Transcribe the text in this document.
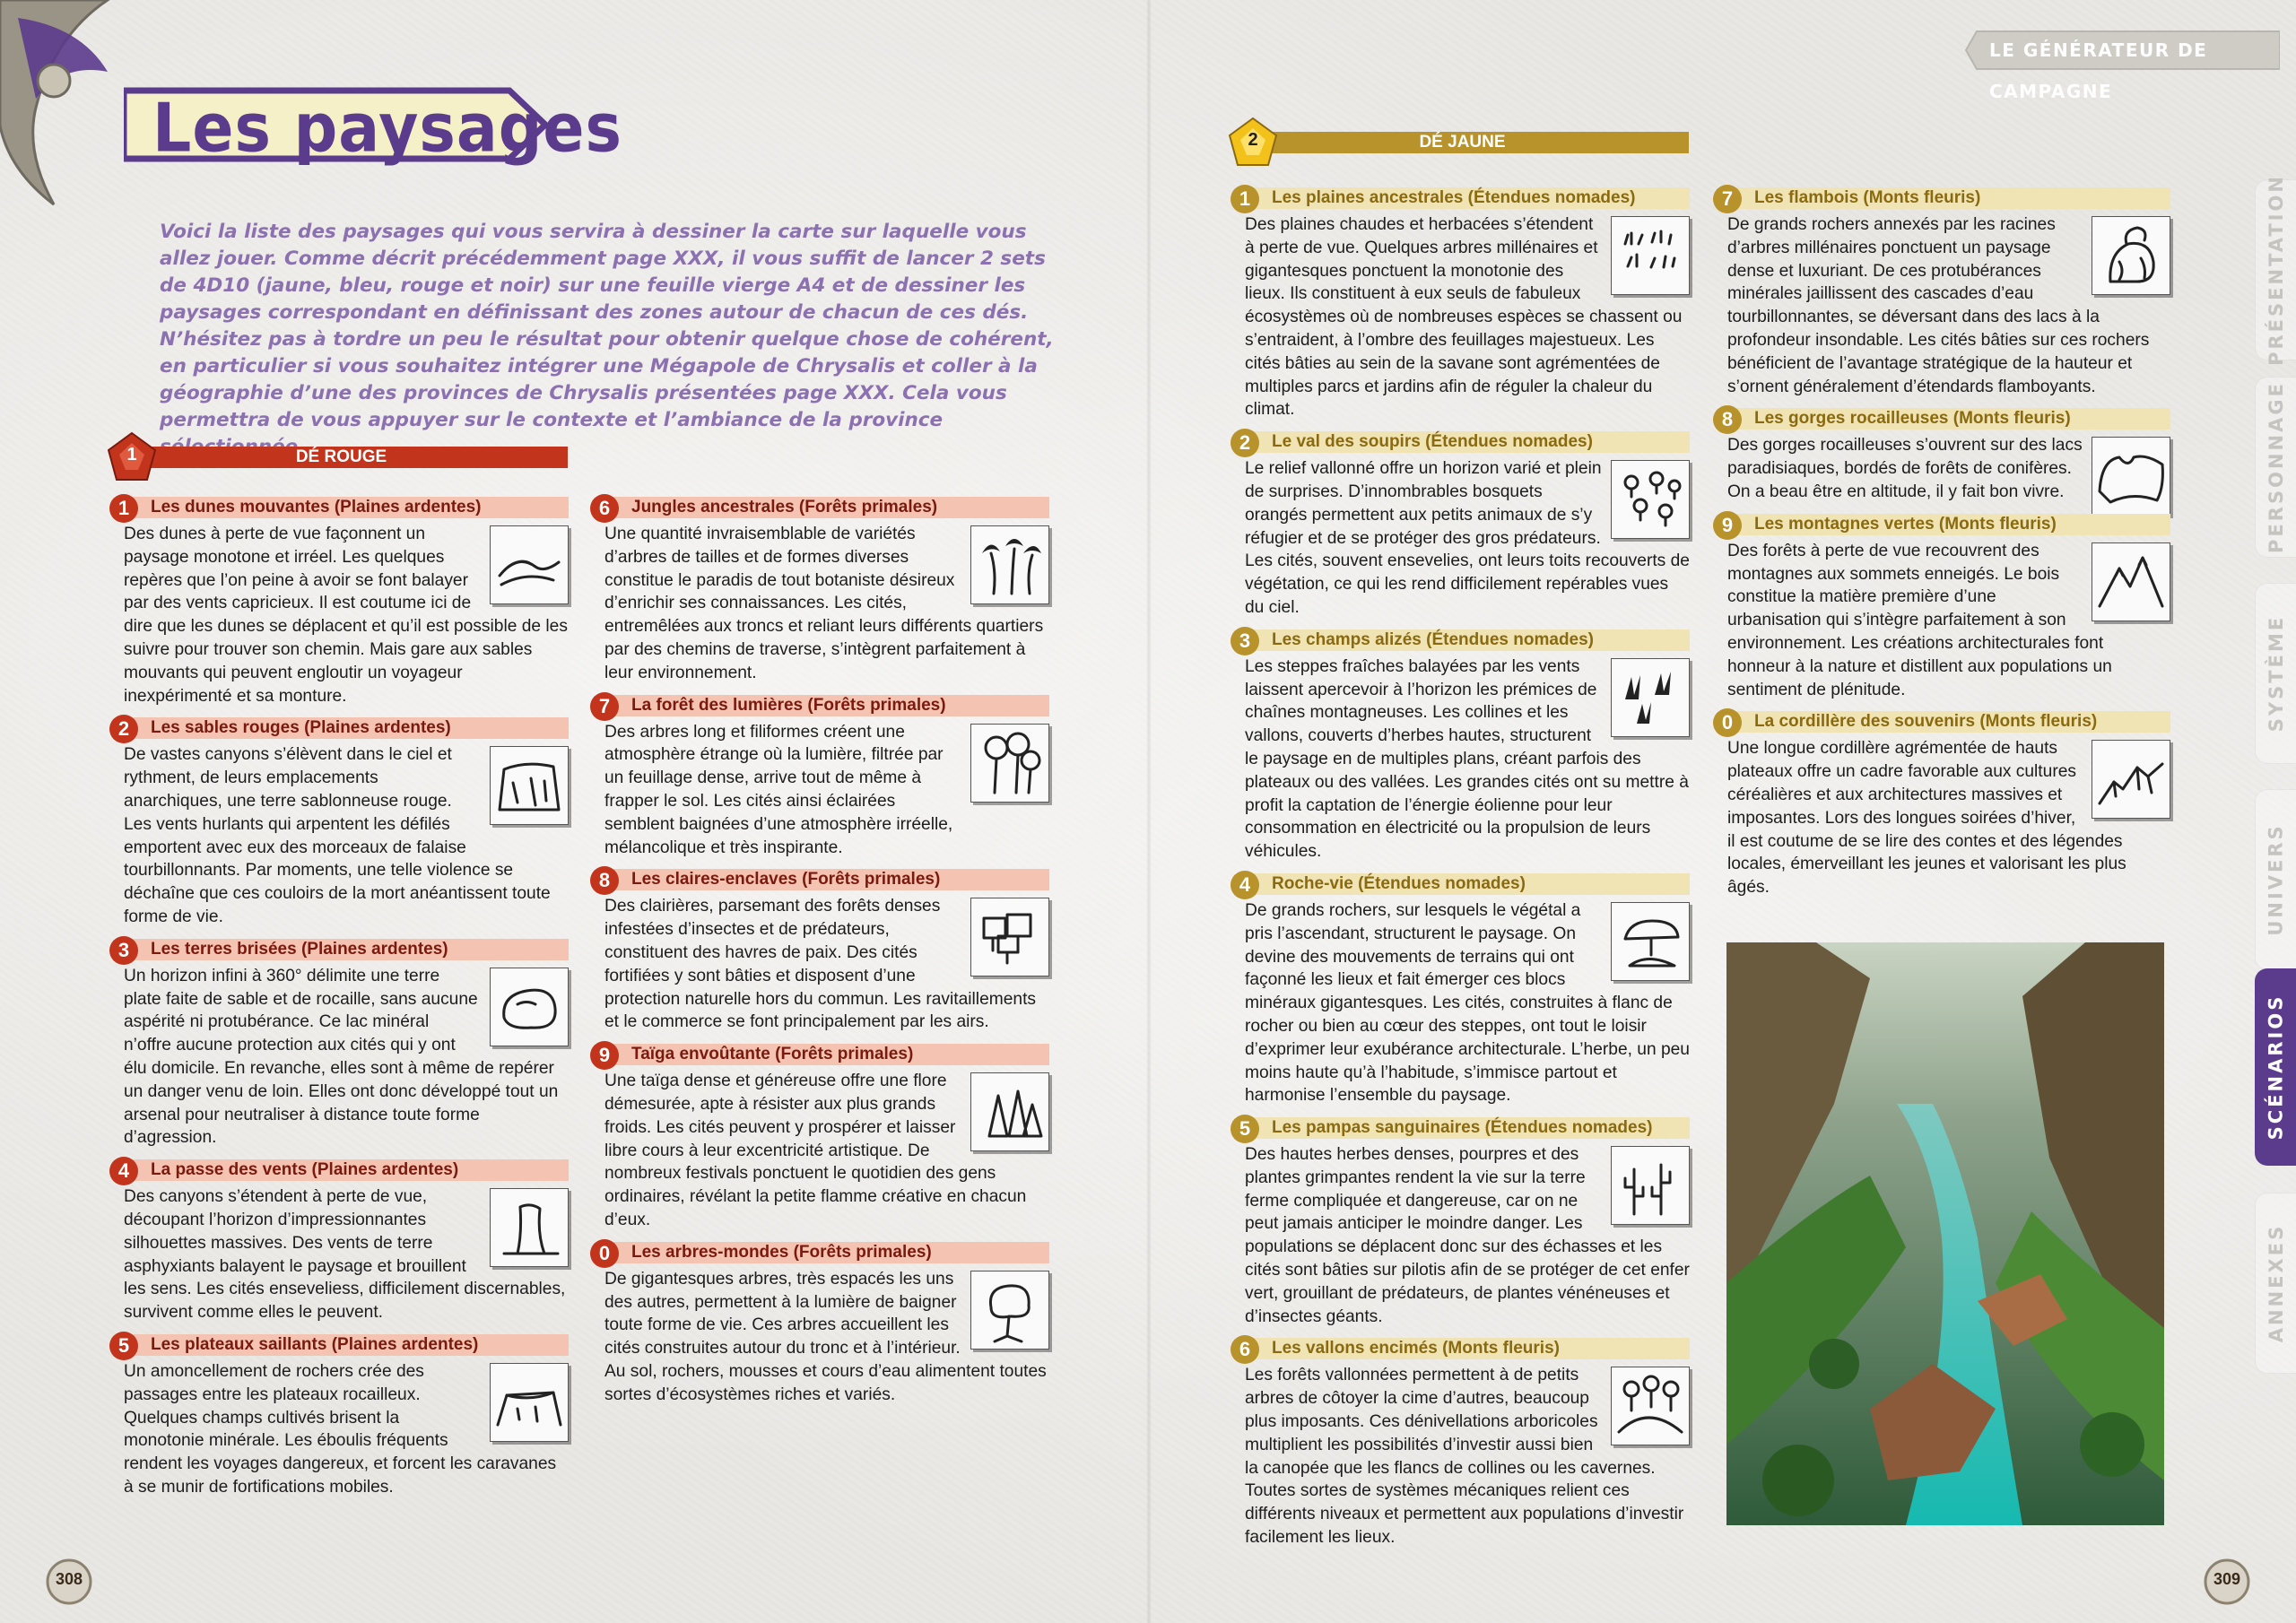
Les paysages

Voici la liste des paysages qui vous servira à dessiner la carte sur laquelle vous allez jouer. Comme décrit précédemment page XXX, il vous suffit de lancer 2 sets de 4D10 (jaune, bleu, rouge et noir) sur une feuille vierge A4 et de dessiner les paysages correspondant en définissant des zones autour de chacun de ces dés. N’hésitez pas à tordre un peu le résultat pour obtenir quelque chose de cohérent, en particulier si vous souhaitez intégrer une Mégapole de Chrysalis et coller à la géographie d’une des provinces de Chrysalis présentées page XXX. Cela vous permettra de vous appuyer sur le contexte et l’ambiance de la province

DÉ ROUGE
1
DÉ JAUNE
2
LE GÉNÉRATEUR DE CAMPAGNE
1	Les dunes mouvantes (Plaines ardentes)
Des dunes à perte de vue façonnent un paysage monotone et irréel. Les quelques repères que l’on peine à avoir se font balayer par des vents capricieux. Il est coutume ici de dire que les dunes se déplacent et qu’il est possible de les suivre pour trouver son chemin. Mais gare aux sables mouvants qui peuvent engloutir un voyageur inexpérimenté et sa monture.
2	Les sables rouges (Plaines ardentes)
De vastes canyons s’élèvent dans le ciel et rythment, de leurs emplacements anarchiques, une terre sablonneuse rouge. Les vents hurlants qui arpentent les défilés emportent avec eux des morceaux de falaise tourbillonnants. Par moments, une telle violence se déchaîne que ces couloirs de la mort anéantissent toute forme de vie.
3	Les terres brisées (Plaines ardentes)
Un horizon infini à 360° délimite une terre plate faite de sable et de rocaille, sans aucune aspérité ni protubérance. Ce lac minéral n’offre aucune protection aux cités qui y ont élu domicile. En revanche, elles sont à même de repérer un danger venu de loin. Elles ont donc développé tout un arsenal pour neutraliser à distance toute forme d’agression.
4	La passe des vents (Plaines ardentes)
Des canyons s’étendent à perte de vue, découpant l’horizon d’impressionnantes silhouettes massives. Des vents de terre asphyxiants balayent le paysage et brouillent les sens. Les cités enseveliess, difficilement discernables, survivent comme elles le peuvent.
5	Les plateaux saillants (Plaines ardentes)
Un amoncellement de rochers crée des passages entre les plateaux rocailleux. Quelques champs cultivés brisent la monotonie minérale. Les éboulis fréquents rendent les voyages dangereux, et forcent les caravanes à se munir de fortifications mobiles.
6	Jungles ancestrales (Forêts primales)
Une quantité invraisemblable de variétés d’arbres de tailles et de formes diverses constitue le paradis de tout botaniste désireux d’enrichir ses connaissances. Les cités, entremêlées aux troncs et reliant leurs différents quartiers par des chemins de traverse, s’intègrent parfaitement à leur environnement.
7	La forêt des lumières (Forêts primales)
Des arbres long et filiformes créent une atmosphère étrange où la lumière, filtrée par un feuillage dense, arrive tout de même à frapper le sol. Les cités ainsi éclairées semblent baignées d’une atmosphère irréelle, mélancolique et très inspirante.
8	Les claires-enclaves (Forêts primales)
Des clairières, parsemant des forêts denses infestées d’insectes et de prédateurs, constituent des havres de paix. Des cités fortifiées y sont bâties et disposent d’une protection naturelle hors du commun. Les ravitaillements et le commerce se font principalement par les airs.
9	Taïga envoûtante (Forêts primales)
Une taïga dense et généreuse offre une flore démesurée, apte à résister aux plus grands froids. Les cités peuvent y prospérer et laisser libre cours à leur excentricité artistique. De nombreux festivals ponctuent le quotidien des gens ordinaires, révélant la petite flamme créative en chacun d’eux.
0	Les arbres-mondes (Forêts primales)
De gigantesques arbres, très espacés les uns des autres, permettent à la lumière de baigner toute forme de vie. Ces arbres accueillent les cités construites autour du tronc et à l’intérieur. Au sol, rochers, mousses et cours d’eau alimentent toutes sortes d’écosystèmes riches et variés.
1	Les plaines ancestrales (Étendues nomades)
Des plaines chaudes et herbacées s’étendent à perte de vue. Quelques arbres millénaires et gigantesques ponctuent la monotonie des lieux. Ils constituent à eux seuls de fabuleux écosystèmes où de nombreuses espèces se chassent ou s’entraident, à l’ombre des feuillages majestueux. Les cités bâties au sein de la savane sont agrémentées de multiples parcs et jardins afin de réguler la chaleur du climat.
2	Le val des soupirs (Étendues nomades)
Le relief vallonné offre un horizon varié et plein de surprises. D’innombrables bosquets orangés permettent aux petits animaux de s’y réfugier et de se protéger des gros prédateurs. Les cités, souvent ensevelies, ont leurs toits recouverts de végétation, ce qui les rend difficilement repérables vues du ciel.
3	Les champs alizés (Étendues nomades)
Les steppes fraîches balayées par les vents laissent apercevoir à l’horizon les prémices de chaînes montagneuses. Les collines et les vallons, couverts d’herbes hautes, structurent le paysage en de multiples plans, créant parfois des plateaux ou des vallées. Les grandes cités ont su mettre à profit la captation de l’énergie éolienne pour leur consommation en électricité ou la propulsion de leurs véhicules.
4	Roche-vie (Étendues nomades)
De grands rochers, sur lesquels le végétal a pris l’ascendant, structurent le paysage. On devine des mouvements de terrains qui ont façonné les lieux et fait émerger ces blocs minéraux gigantesques. Les cités, construites à flanc de rocher ou bien au cœur des steppes, ont tout le loisir d’exprimer leur exubérance architecturale. L’herbe, un peu moins haute qu’à l’habitude, s’immisce partout et harmonise l’ensemble du paysage.
5	Les pampas sanguinaires (Étendues nomades)
Des hautes herbes denses, pourpres et des plantes grimpantes rendent la vie sur la terre ferme compliquée et dangereuse, car on ne peut jamais anticiper le moindre danger. Les populations se déplacent donc sur des échasses et les cités sont bâties sur pilotis afin de se protéger de cet enfer vert, grouillant de prédateurs, de plantes vénéneuses et d’insectes géants.
6	Les vallons encimés (Monts fleuris)
Les forêts vallonnées permettent à de petits arbres de côtoyer la cime d’autres, beaucoup plus imposants. Ces dénivellations arboricoles multiplient les possibilités d’investir aussi bien la canopée que les flancs de collines ou les cavernes. Toutes sortes de systèmes mécaniques relient ces différents niveaux et permettent aux populations d’investir facilement les lieux.
7	Les flambois (Monts fleuris)
De grands rochers annexés par les racines d’arbres millénaires ponctuent un paysage dense et luxuriant. De ces protubérances minérales jaillissent des cascades d’eau tourbillonnantes, se déversant dans des lacs à la profondeur insondable. Les cités bâties sur ces rochers bénéficient de l’avantage stratégique de la hauteur et s’ornent généralement d’étendards flamboyants.
8	Les gorges rocailleuses (Monts fleuris)
Des gorges rocailleuses s’ouvrent sur des lacs paradisiaques, bordés de forêts de conifères. On a beau être en altitude, il y fait bon vivre.
9	Les montagnes vertes (Monts fleuris)
Des forêts à perte de vue recouvrent des montagnes aux sommets enneigés. Le bois constitue la matière première d’une urbanisation qui s’intègre parfaitement à son environnement. Les créations architecturales font honneur à la nature et distillent aux populations un sentiment de plénitude.
0	La cordillère des souvenirs (Monts fleuris)
Une longue cordillère agrémentée de hauts plateaux offre un cadre favorable aux cultures céréalières et aux architectures massives et imposantes. Lors des longues soirées d’hiver, il est coutume de se lire des contes et des légendes locales, émerveillant les jeunes et valorisant les plus âgés.
PRÉSENTATION
PERSONNAGE
SYSTÈME
UNIVERS
SCÉNARIOS
ANNEXES
308	309
